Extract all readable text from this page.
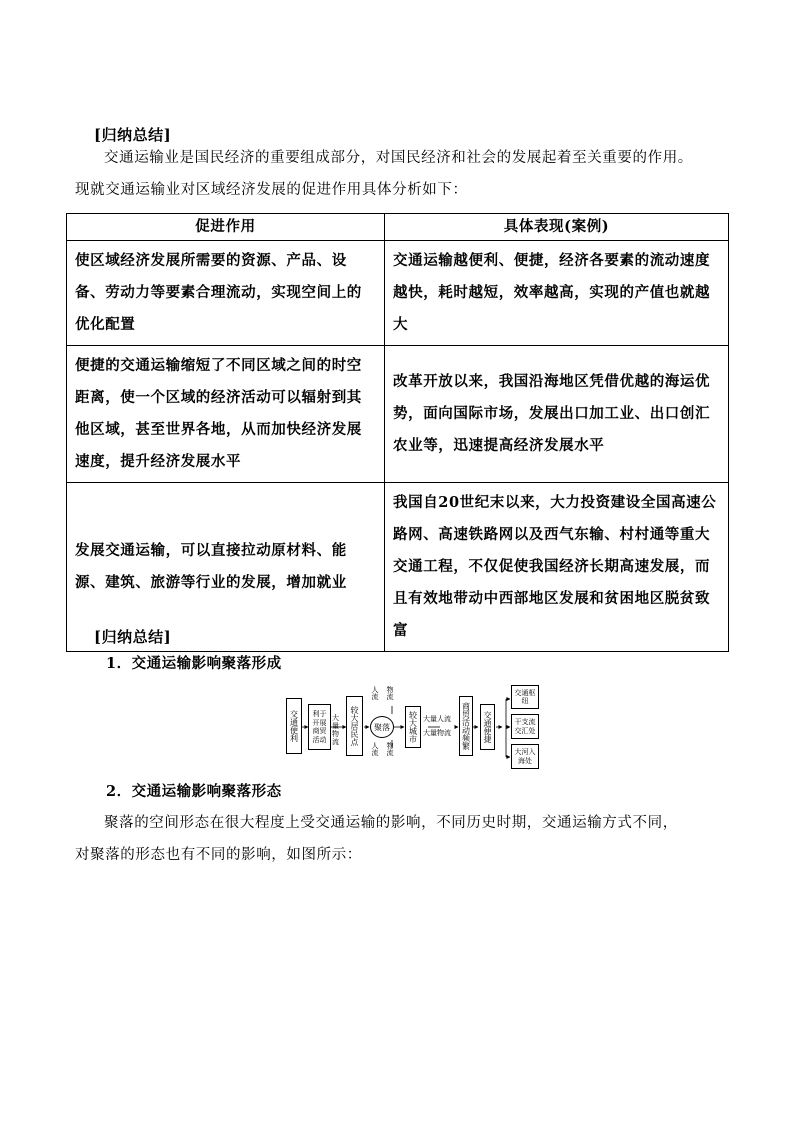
[归纳总结]
交通运输业是国民经济的重要组成部分，对国民经济和社会的发展起着至关重要的作用。
现就交通运输业对区域经济发展的促进作用具体分析如下：
促进作用	具体表现(案例)
使区域经济发展所需要的资源、产品、设备、劳动力等要素合理流动，实现空间上的优化配置	交通运输越便利、便捷，经济各要素的流动速度越快，耗时越短，效率越高，实现的产值也就越大
便捷的交通运输缩短了不同区域之间的时空距离，使一个区域的经济活动可以辐射到其他区域，甚至世界各地，从而加快经济发展速度，提升经济发展水平	改革开放以来，我国沿海地区凭借优越的海运优势，面向国际市场，发展出口加工业、出口创汇农业等，迅速提高经济发展水平
发展交通运输，可以直接拉动原材料、能源、建筑、旅游等行业的发展，增加就业	我国自20世纪末以来，大力投资建设全国高速公路网、高速铁路网以及西气东输、村村通等重大交通工程，不仅促使我国经济长期高速发展，而且有效地带动中西部地区发展和贫困地区脱贫致富
[归纳总结]
1．交通运输影响聚落形成
交通便利	利于开展商贸活动
大量物流	较大居民点
人流 物流
聚落
人流 物流
较大城市 大量人流
大量物流 商贸活动频繁 交通便捷
交通枢纽
干支流交汇处
大河入海处
2．交通运输影响聚落形态
聚落的空间形态在很大程度上受交通运输的影响，不同历史时期，交通运输方式不同，
对聚落的形态也有不同的影响，如图所示：
